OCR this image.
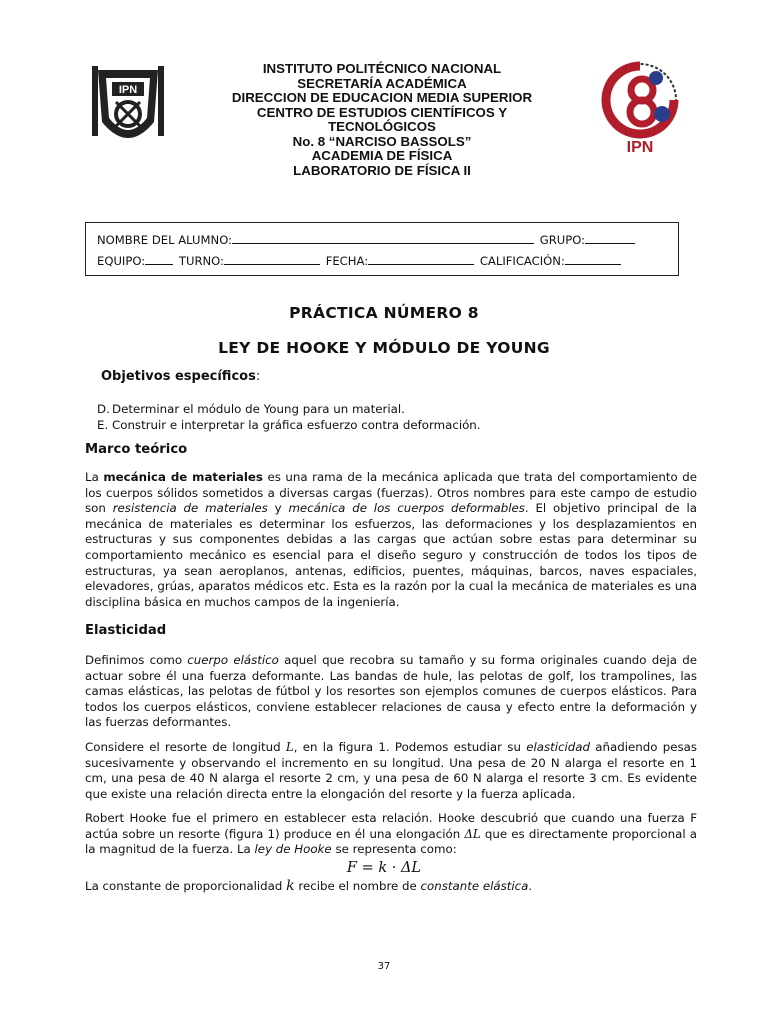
IPN
INSTITUTO POLITÉCNICO NACIONAL
SECRETARÍA ACADÉMICA
DIRECCION DE EDUCACION MEDIA SUPERIOR
CENTRO DE ESTUDIOS CIENTÍFICOS Y
TECNOLÓGICOS
No. 8 “NARCISO BASSOLS”
ACADEMIA DE FÍSICA
LABORATORIO DE FÍSICA II
IPN
NOMBRE DEL ALUMNO:	GRUPO:
EQUIPO:	TURNO:	FECHA:	CALIFICACIÓN:
PRÁCTICA NÚMERO 8
LEY DE HOOKE Y MÓDULO DE YOUNG
Objetivos específicos:
D. Determinar el módulo de Young para un material.
E. Construir e interpretar la gráfica esfuerzo contra deformación.
Marco teórico
La mecánica de materiales es una rama de la mecánica aplicada que trata del comportamiento de los cuerpos sólidos sometidos a diversas cargas (fuerzas). Otros nombres para este campo de estudio son resistencia de materiales y mecánica de los cuerpos deformables. El objetivo principal de la mecánica de materiales es determinar los esfuerzos, las deformaciones y los desplazamientos en estructuras y sus componentes debidas a las cargas que actúan sobre estas para determinar su comportamiento mecánico es esencial para el diseño seguro y construcción de todos los tipos de estructuras, ya sean aeroplanos, antenas, edificios, puentes, máquinas, barcos, naves espaciales, elevadores, grúas, aparatos médicos etc. Esta es la razón por la cual la mecánica de materiales es una disciplina básica en muchos campos de la ingeniería.
Elasticidad
Definimos como cuerpo elástico aquel que recobra su tamaño y su forma originales cuando deja de actuar sobre él una fuerza deformante. Las bandas de hule, las pelotas de golf, los trampolines, las camas elásticas, las pelotas de fútbol y los resortes son ejemplos comunes de cuerpos elásticos. Para todos los cuerpos elásticos, conviene establecer relaciones de causa y efecto entre la deformación y las fuerzas deformantes.
Considere el resorte de longitud L, en la figura 1. Podemos estudiar su elasticidad añadiendo pesas sucesivamente y observando el incremento en su longitud. Una pesa de 20 N alarga el resorte en 1 cm, una pesa de 40 N alarga el resorte 2 cm, y una pesa de 60 N alarga el resorte 3 cm. Es evidente que existe una relación directa entre la elongación del resorte y la fuerza aplicada.
Robert Hooke fue el primero en establecer esta relación. Hooke descubrió que cuando una fuerza F actúa sobre un resorte (figura 1) produce en él una elongación ΔL que es directamente proporcional a la magnitud de la fuerza. La ley de Hooke se representa como:
F = k · ΔL
La constante de proporcionalidad k recibe el nombre de constante elástica.
37
